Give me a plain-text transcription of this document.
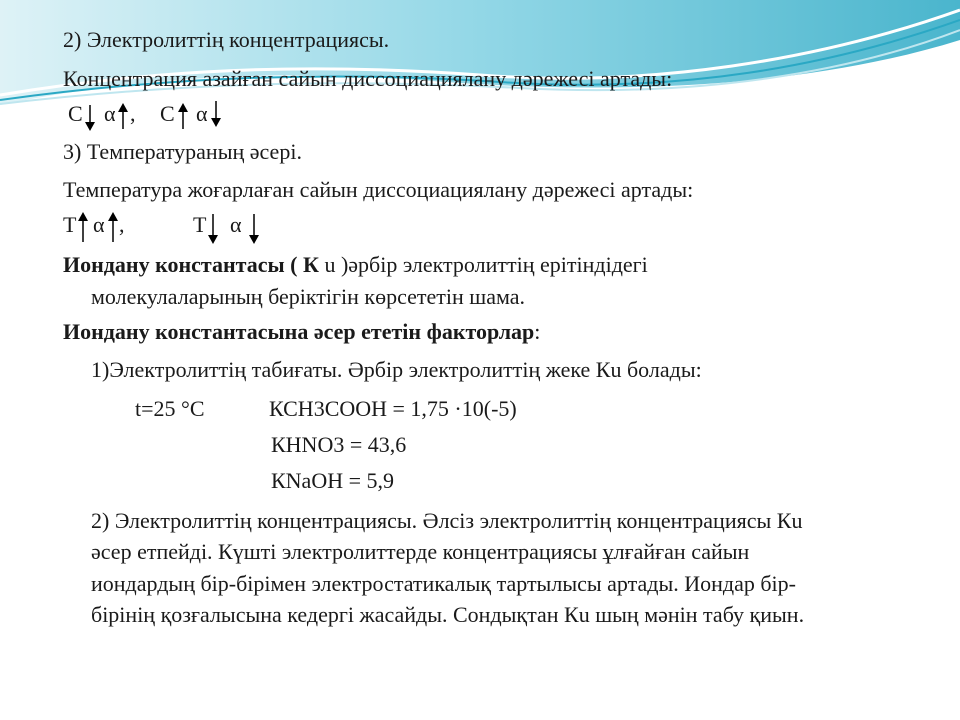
2) Электролиттің концентрациясы.
Концентрация азайған сайын диссоциациялану дәрежесі артады:
С α , С α
3) Температураның әсері.
Температура жоғарлаған сайын диссоциациялану дәрежесі артады:
Т α ,	Т α
Иондану константасы ( К u )әрбір электролиттің ерітіндідегі
молекулаларының беріктігін көрсететін шама.
Иондану константасына әсер ететін факторлар:
1)Электролиттің табиғаты. Әрбір электролиттің жеке Кu болады:
t=25 °С	КСН3СООН = 1,75 ·10(-5)
КНNO3 = 43,6
КNaOH = 5,9
2) Электролиттің концентрациясы. Әлсіз электролиттің концентрациясы Кu
әсер етпейді. Күшті электролиттерде концентрациясы ұлғайған сайын
иондардың бір-бірімен электростатикалық тартылысы артады. Иондар бір-
бірінің қозғалысына кедергі жасайды. Сондықтан Кu шың мәнін табу қиын.
